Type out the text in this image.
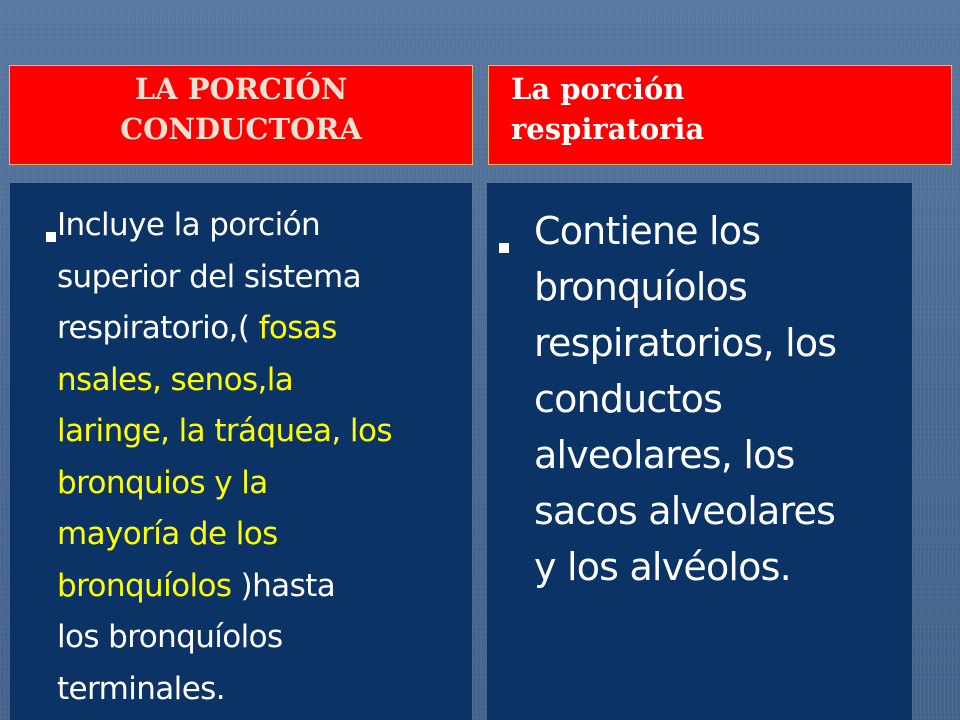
LA PORCIÓN
CONDUCTORA
La porción
respiratoria
Incluye la porción
superior del sistema
respiratorio,( fosas
nsales, senos,la
laringe, la tráquea, los
bronquios y la
mayoría de los
bronquíolos )hasta
los bronquíolos
terminales.
Contiene los
bronquíolos
respiratorios, los
conductos
alveolares, los
sacos alveolares
y los alvéolos.
